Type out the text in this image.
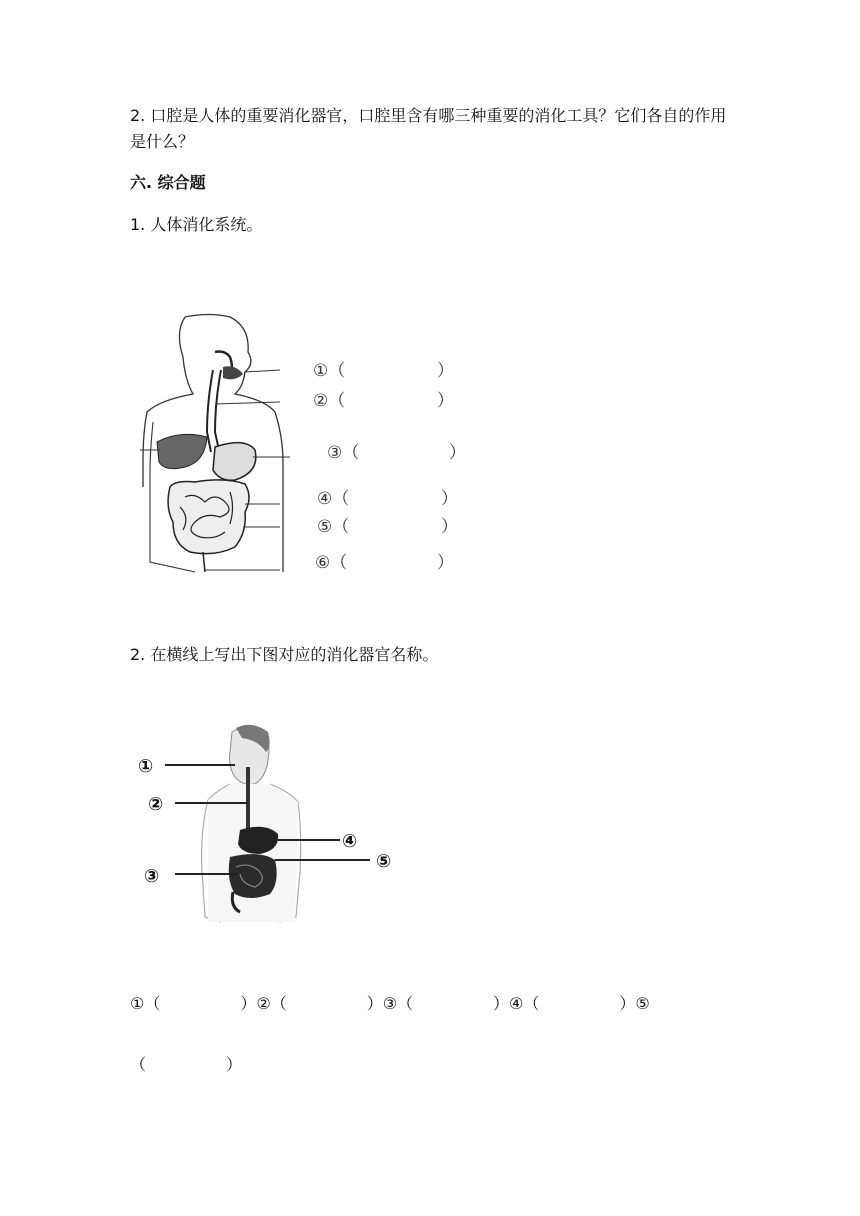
2. 口腔是人体的重要消化器官，口腔里含有哪三种重要的消化工具？它们各自的作用是什么？
六. 综合题
1. 人体消化系统。
①（	）
②（	）
③（	）
④（	）
⑤（	）
⑥（	）
2. 在横线上写出下图对应的消化器官名称。
①
②
③
④
⑤
①（　　　　　）②（　　　　　）③（　　　　　）④（　　　　　）⑤
（　　　　　）
